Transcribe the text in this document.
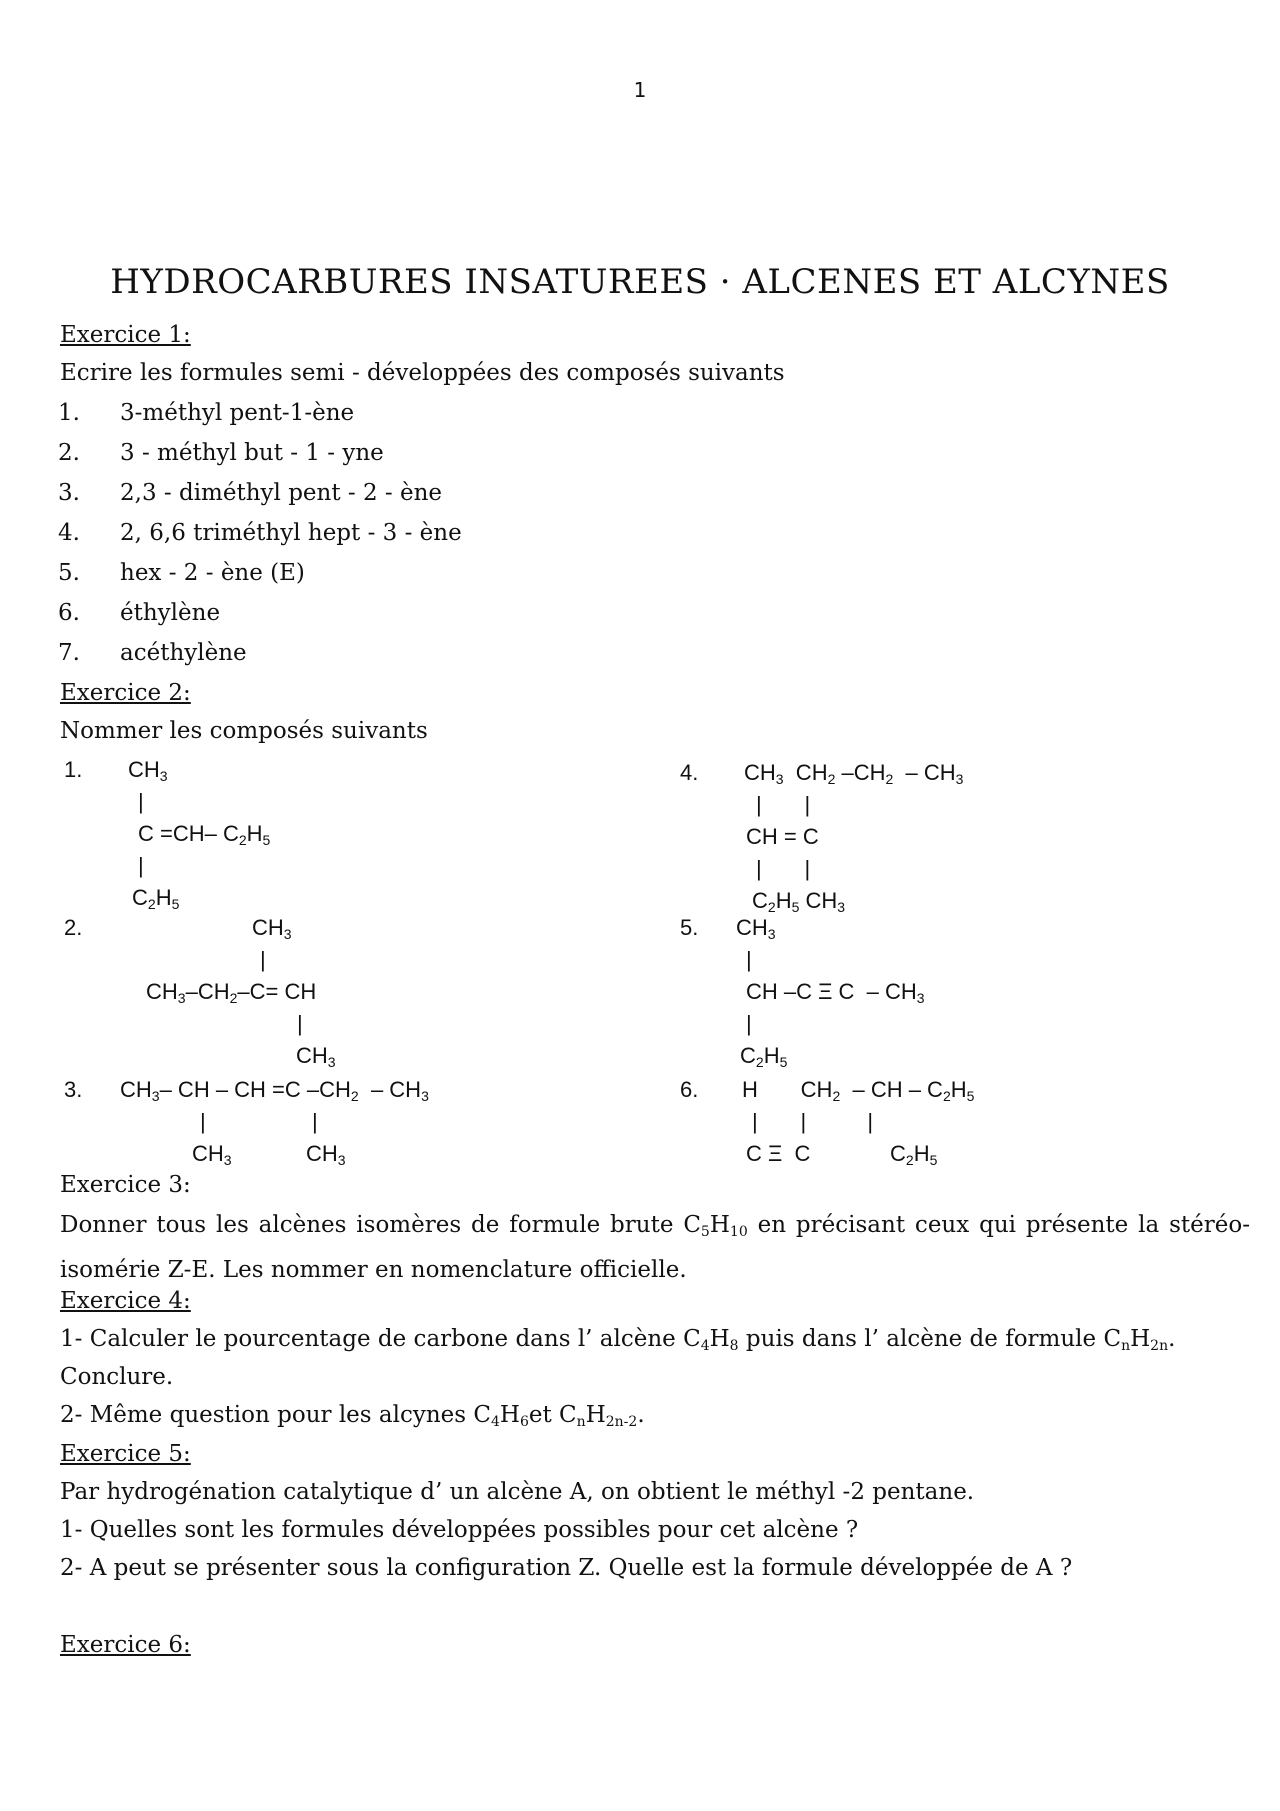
1
HYDROCARBURES INSATUREES · ALCENES ET ALCYNES
Exercice 1:
Ecrire les formules semi - développées des composés suivants
1. 3-méthyl pent-1-ène
2. 3 - méthyl but - 1 - yne
3. 2,3 - diméthyl pent - 2 - ène
4. 2, 6,6 triméthyl hept - 3 - ène
5. hex - 2 - ène (E)
6. éthylène
7. acéthylène
Exercice 2:
Nommer les composés suivants
1.
2.
3.
4.
5.
6.
$CH_3$
|
C =CH– $C_2H_5$
|
$C_2H_5$
$CH_3$
|
$CH_3-CH_2-C=$ CH
|
$CH_3$
$CH_3-$ CH – CH =C $-CH_2 - CH_3$
|	|
$CH_3$	$CH_3$
$CH_3$  $CH_2$ $-CH_2 - CH_3$
|       |
CH = C
|       |
$C_2H_5$ $CH_3$
$CH_3$
|
CH –C Ξ C  – $CH_3$
|
$C_2H_5$
H       $CH_2$  – CH – $C_2H_5$
|       |          |
C Ξ  C	$C_2H_5$
Exercice 3:
Donner tous les alcènes isomères de formule brute C5H10 en précisant ceux qui présente la stéréo-isomérie Z-E. Les nommer en nomenclature officielle.
Exercice 4:
1- Calculer le pourcentage de carbone dans l’ alcène C4H8 puis dans l’ alcène de formule CnH2n.
Conclure.
2- Même question pour les alcynes C4H6et CnH2n-2.
Exercice 5:
Par hydrogénation catalytique d’ un alcène A, on obtient le méthyl -2 pentane.
1- Quelles sont les formules développées possibles pour cet alcène ?
2- A peut se présenter sous la configuration Z. Quelle est la formule développée de A ?
Exercice 6:
